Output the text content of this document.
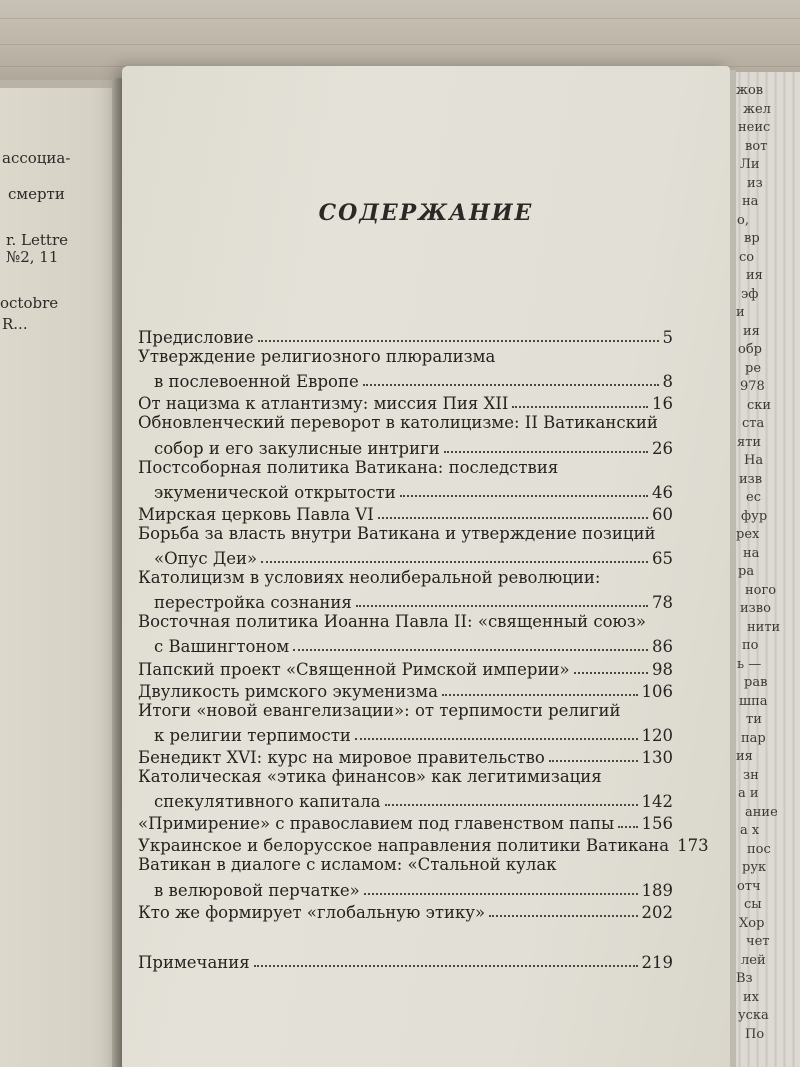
ассоциа-
смерти
r. Lettre
№2, 11
octobre
R...
жов
жел
неис
вот
Ли
из
на
о,
вр
со
ия
эф
и
ия
обр
ре
978
ски
ста
яти
На
изв
ес
фур
рех
на
ра
ного
изво
нити
по
ь —
рав
шпа
ти
пар
ия
зн
а и
ание
а х
пос
рук
отч
сы
Хор
чет
лей
Вз
их
уска
По
СОДЕРЖАНИЕ
Предисловие	5
Утверждение религиозного плюрализма
в послевоенной Европе	8
От нацизма к атлантизму: миссия Пия XII	16
Обновленческий переворот в католицизме: II Ватиканский
собор и его закулисные интриги	26
Постсоборная политика Ватикана: последствия
экуменической открытости	46
Мирская церковь Павла VI	60
Борьба за власть внутри Ватикана и утверждение позиций
«Опус Деи»	65
Католицизм в условиях неолиберальной революции:
перестройка сознания	78
Восточная политика Иоанна Павла II: «священный союз»
с Вашингтоном	86
Папский проект «Священной Римской империи»	98
Двуликость римского экуменизма	106
Итоги «новой евангелизации»: от терпимости религий
к религии терпимости	120
Бенедикт XVI: курс на мировое правительство	130
Католическая «этика финансов» как легитимизация
спекулятивного капитала	142
«Примирение» с православием под главенством папы 156
Украинское и белорусское направления политики Ватикана 173
Ватикан в диалоге с исламом: «Стальной кулак
в велюровой перчатке»	189
Кто же формирует «глобальную этику»	202
Примечания	219
